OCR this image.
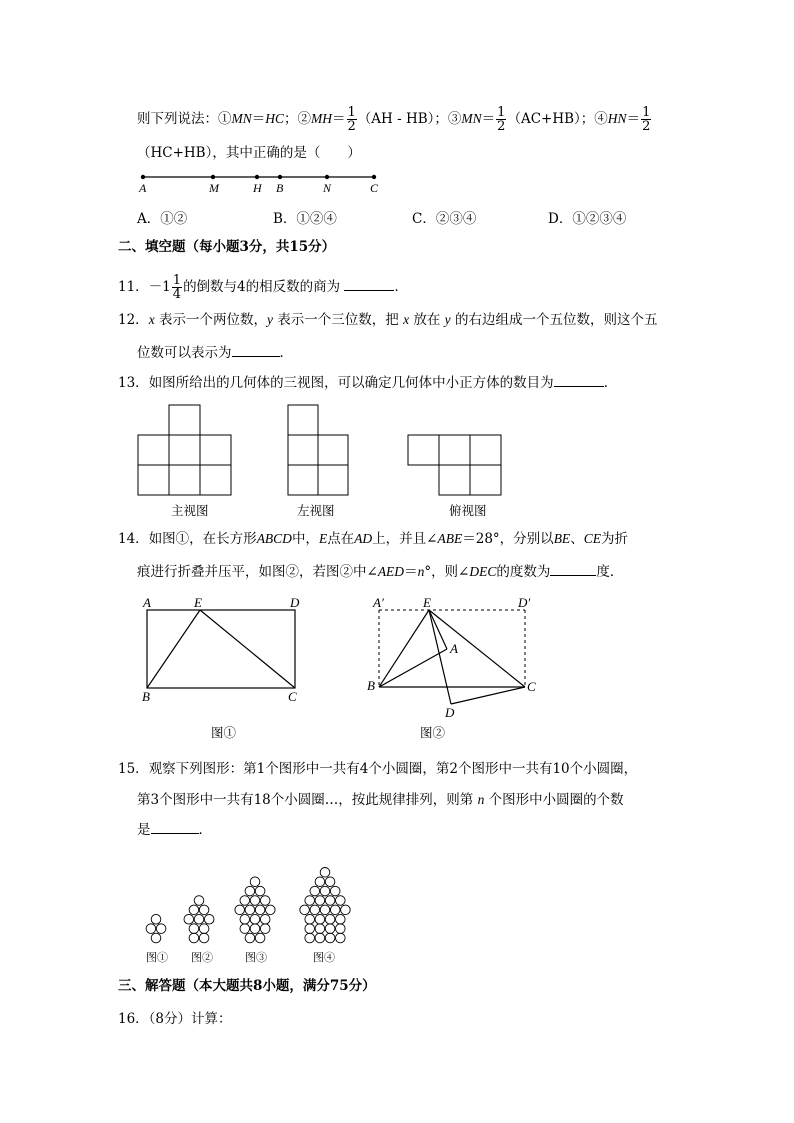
则下列说法：①MN＝HC；②MH＝ $\frac{1}{2} (AH - HB)$；③MN＝ $\frac{1}{2} (AC+HB)$；④HN＝ $\frac{1}{2}$
（HC+HB），其中正确的是（　　）
A	M	H B	N	C
A．①②	B．①②④	C．②③④	D．①②③④
二、填空题（每小题3分，共15分）
11．$-1 \frac{1}{4}$ 的倒数与4的相反数的商为	．
12．x 表示一个两位数，y 表示一个三位数，把 x 放在 y 的右边组成一个五位数，则这个五
位数可以表示为	．
13．如图所给出的几何体的三视图，可以确定几何体中小正方体的数目为	．
主视图	左视图	俯视图
14．如图①，在长方形ABCD中，E点在AD上，并且∠ABE＝28°，分别以BE、CE为折
痕进行折叠并压平，如图②，若图②中∠AED＝n°，则∠DEC的度数为	度．
A	E	D
B	C
A′	E	D′
A
B	C
D
图①	图②
15．观察下列图形：第1个图形中一共有4个小圆圈，第2个图形中一共有10个小圆圈，
第3个图形中一共有18个小圆圈…，按此规律排列，则第 n 个图形中小圆圈的个数
是	．
图① 图②	图③	图④
三、解答题（本大题共8小题，满分75分）
16．（8分）计算：
